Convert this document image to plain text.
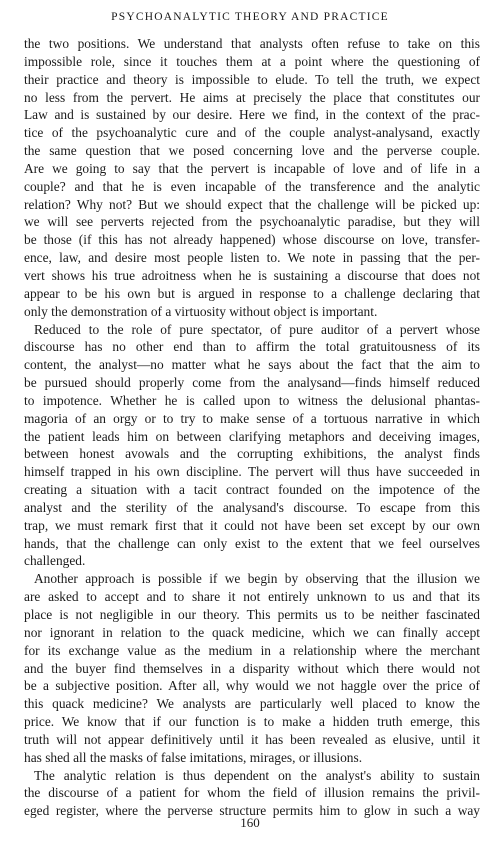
PSYCHOANALYTIC THEORY AND PRACTICE
the two positions. We understand that analysts often refuse to take on this
impossible role, since it touches them at a point where the questioning of
their practice and theory is impossible to elude. To tell the truth, we expect
no less from the pervert. He aims at precisely the place that constitutes our
Law and is sustained by our desire. Here we find, in the context of the prac-
tice of the psychoanalytic cure and of the couple analyst-analysand, exactly
the same question that we posed concerning love and the perverse couple.
Are we going to say that the pervert is incapable of love and of life in a
couple? and that he is even incapable of the transference and the analytic
relation? Why not? But we should expect that the challenge will be picked up:
we will see perverts rejected from the psychoanalytic paradise, but they will
be those (if this has not already happened) whose discourse on love, transfer-
ence, law, and desire most people listen to. We note in passing that the per-
vert shows his true adroitness when he is sustaining a discourse that does not
appear to be his own but is argued in response to a challenge declaring that
only the demonstration of a virtuosity without object is important.
Reduced to the role of pure spectator, of pure auditor of a pervert whose
discourse has no other end than to affirm the total gratuitousness of its
content, the analyst—no matter what he says about the fact that the aim to
be pursued should properly come from the analysand—finds himself reduced
to impotence. Whether he is called upon to witness the delusional phantas-
magoria of an orgy or to try to make sense of a tortuous narrative in which
the patient leads him on between clarifying metaphors and deceiving images,
between honest avowals and the corrupting exhibitions, the analyst finds
himself trapped in his own discipline. The pervert will thus have succeeded in
creating a situation with a tacit contract founded on the impotence of the
analyst and the sterility of the analysand's discourse. To escape from this
trap, we must remark first that it could not have been set except by our own
hands, that the challenge can only exist to the extent that we feel ourselves
challenged.
Another approach is possible if we begin by observing that the illusion we
are asked to accept and to share it not entirely unknown to us and that its
place is not negligible in our theory. This permits us to be neither fascinated
nor ignorant in relation to the quack medicine, which we can finally accept
for its exchange value as the medium in a relationship where the merchant
and the buyer find themselves in a disparity without which there would not
be a subjective position. After all, why would we not haggle over the price of
this quack medicine? We analysts are particularly well placed to know the
price. We know that if our function is to make a hidden truth emerge, this
truth will not appear definitively until it has been revealed as elusive, until it
has shed all the masks of false imitations, mirages, or illusions.
The analytic relation is thus dependent on the analyst's ability to sustain
the discourse of a patient for whom the field of illusion remains the privil-
eged register, where the perverse structure permits him to glow in such a way
160
